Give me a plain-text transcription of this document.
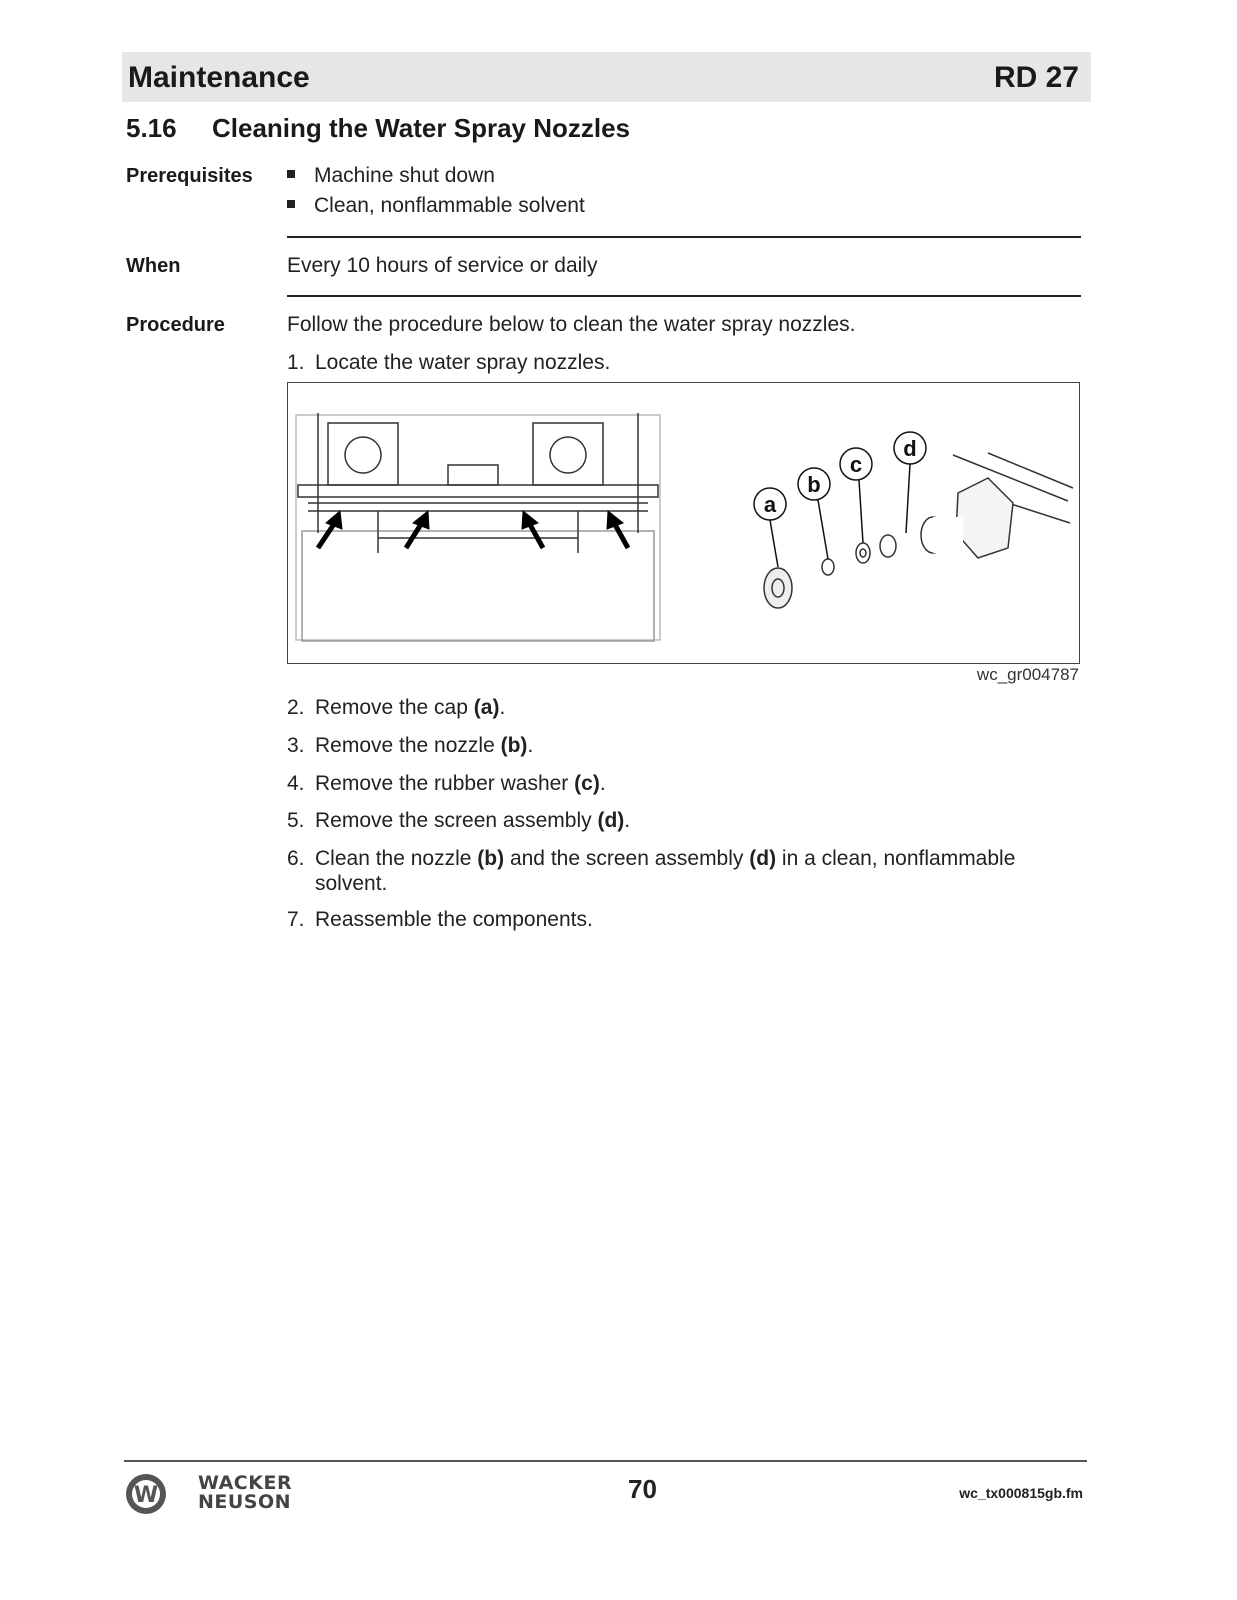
Maintenance	RD 27
5.16 Cleaning the Water Spray Nozzles
Prerequisites	Machine shut down
Clean, nonflammable solvent
When	Every 10 hours of service or daily
Procedure	Follow the procedure below to clean the water spray nozzles.
1. Locate the water spray nozzles.
a
b
c
d
wc_gr004787
2. Remove the cap (a).
3. Remove the nozzle (b).
4. Remove the rubber washer (c).
5. Remove the screen assembly (d).
6. Clean the nozzle (b) and the screen assembly (d) in a clean, nonflammable solvent.
7. Reassemble the components.
W WACKER
NEUSON	70	wc_tx000815gb.fm
